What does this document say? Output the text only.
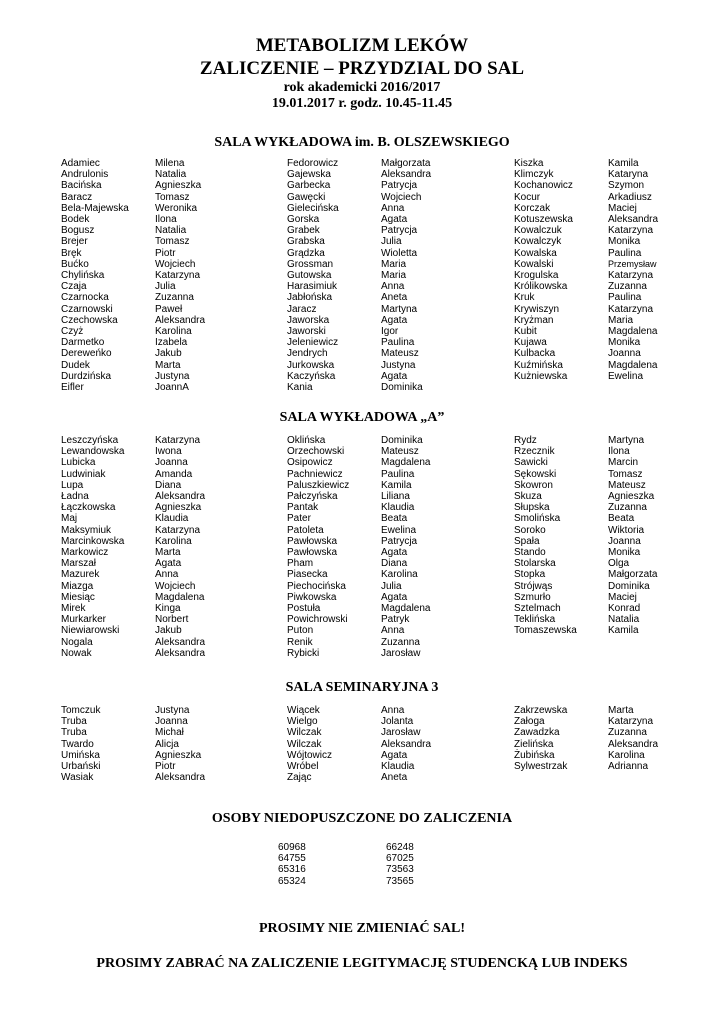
METABOLIZM LEKÓW
ZALICZENIE – PRZYDZIAL DO SAL
rok akademicki 2016/2017
19.01.2017 r. godz. 10.45-11.45
SALA WYKŁADOWA im. B. OLSZEWSKIEGO
Adamiec	Milena
Andrulonis	Natalia
Bacińska	Agnieszka
Baracz	Tomasz
Bela-Majewska	Weronika
Bodek	Ilona
Bogusz	Natalia
Brejer	Tomasz
Bręk	Piotr
Bućko	Wojciech
Chylińska	Katarzyna
Czaja	Julia
Czarnocka	Zuzanna
Czarnowski	Paweł
Czechowska	Aleksandra
Czyż	Karolina
Darmetko	Izabela
Dereweńko	Jakub
Dudek	Marta
Durdzińska	Justyna
Eifler	JoannA
Fedorowicz	Małgorzata
Gajewska	Aleksandra
Garbecka	Patrycja
Gawęcki	Wojciech
Gielecińska	Anna
Gorska	Agata
Grabek	Patrycja
Grabska	Julia
Grądzka	Wioletta
Grossman	Maria
Gutowska	Maria
Harasimiuk	Anna
Jabłońska	Aneta
Jaracz	Martyna
Jaworska	Agata
Jaworski	Igor
Jeleniewicz	Paulina
Jendrych	Mateusz
Jurkowska	Justyna
Kaczyńska	Agata
Kania	Dominika
Kiszka	Kamila
Klimczyk	Kataryna
Kochanowicz	Szymon
Kocur	Arkadiusz
Korczak	Maciej
Kotuszewska	Aleksandra
Kowalczuk	Katarzyna
Kowalczyk	Monika
Kowalska	Paulina
Kowalski	Przemysław
Krogulska	Katarzyna
Królikowska	Zuzanna
Kruk	Paulina
Krywiszyn	Katarzyna
Kryżman	Maria
Kubit	Magdalena
Kujawa	Monika
Kulbacka	Joanna
Kuźmińska	Magdalena
Kużniewska	Ewelina
SALA WYKŁADOWA „A”
Leszczyńska	Katarzyna
Lewandowska	Iwona
Lubicka	Joanna
Ludwiniak	Amanda
Lupa	Diana
Ładna	Aleksandra
Łączkowska	Agnieszka
Maj	Klaudia
Maksymiuk	Katarzyna
Marcinkowska	Karolina
Markowicz	Marta
Marszał	Agata
Mazurek	Anna
Miazga	Wojciech
Miesiąc	Magdalena
Mirek	Kinga
Murkarker	Norbert
Niewiarowski	Jakub
Nogala	Aleksandra
Nowak	Aleksandra
Oklińska	Dominika
Orzechowski	Mateusz
Osipowicz	Magdalena
Pachniewicz	Paulina
Paluszkiewicz	Kamila
Pałczyńska	Liliana
Pantak	Klaudia
Pater	Beata
Patoleta	Ewelina
Pawłowska	Patrycja
Pawłowska	Agata
Pham	Diana
Piasecka	Karolina
Piechocińska	Julia
Piwkowska	Agata
Postuła	Magdalena
Powichrowski	Patryk
Puton	Anna
Renik	Zuzanna
Rybicki	Jarosław
Rydz	Martyna
Rzecznik	Ilona
Sawicki	Marcin
Sękowski	Tomasz
Skowron	Mateusz
Skuza	Agnieszka
Słupska	Zuzanna
Smolińska	Beata
Soroko	Wiktoria
Spała	Joanna
Stando	Monika
Stolarska	Olga
Stopka	Małgorzata
Strójwąs	Dominika
Szmurło	Maciej
Sztelmach	Konrad
Teklińska	Natalia
Tomaszewska	Kamila
SALA SEMINARYJNA 3
Tomczuk	Justyna
Truba	Joanna
Truba	Michał
Twardo	Alicja
Umińska	Agnieszka
Urbański	Piotr
Wasiak	Aleksandra
Wiącek	Anna
Wielgo	Jolanta
Wilczak	Jarosław
Wilczak	Aleksandra
Wójtowicz	Agata
Wróbel	Klaudia
Zając	Aneta
Zakrzewska	Marta
Załoga	Katarzyna
Zawadzka	Zuzanna
Zielińska	Aleksandra
Żubińska	Karolina
Sylwestrzak	Adrianna
OSOBY NIEDOPUSZCZONE DO ZALICZENIA
60968
64755
65316
65324
66248
67025
73563
73565
PROSIMY NIE ZMIENIAĆ SAL!
PROSIMY ZABRAĆ NA ZALICZENIE LEGITYMACJĘ STUDENCKĄ LUB INDEKS
